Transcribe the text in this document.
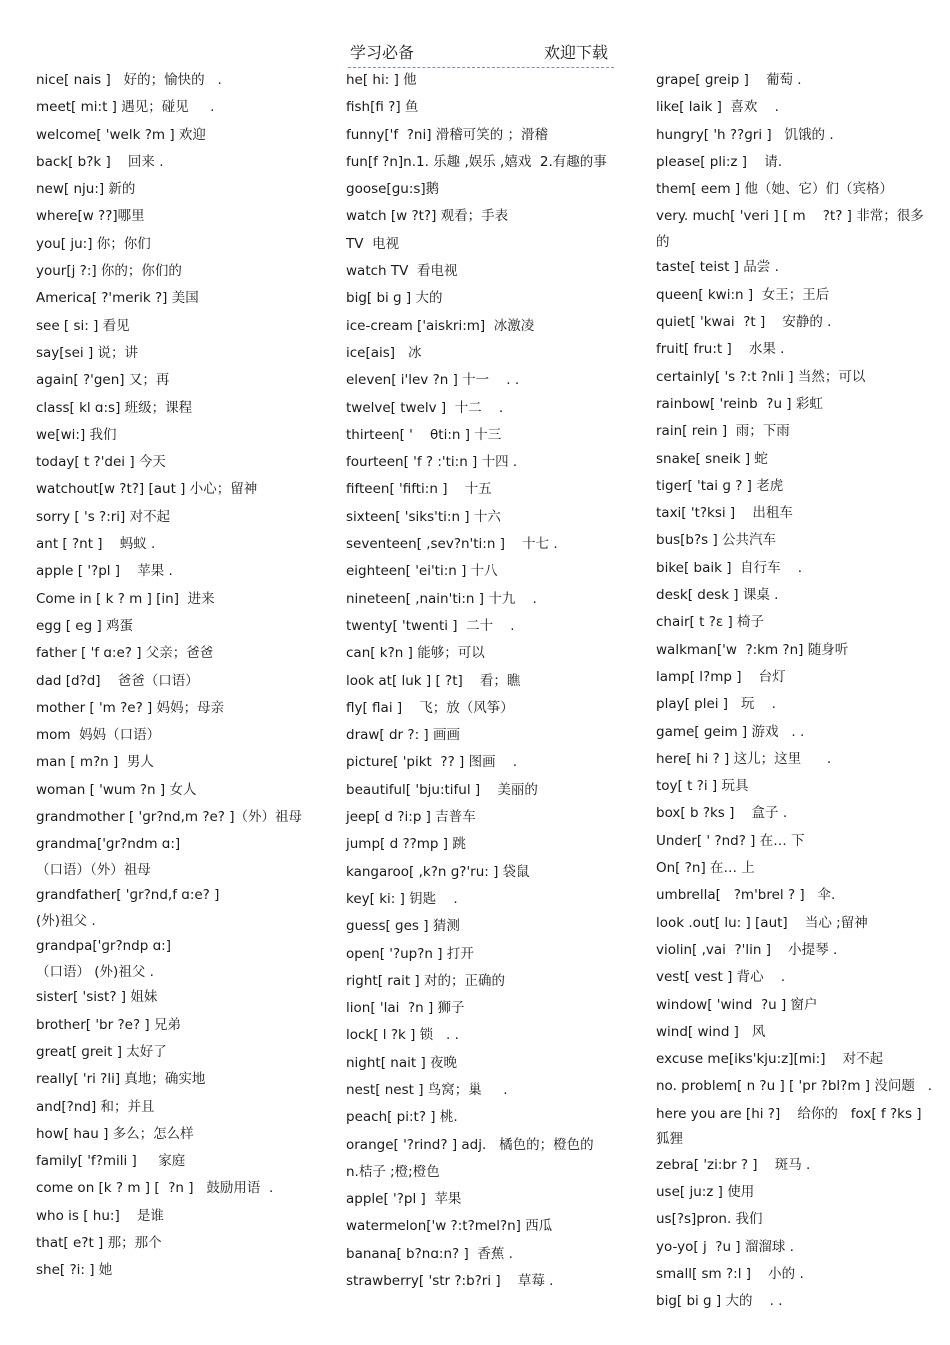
学习必备	欢迎下载
nice[ nais ]   好的；愉快的   .
meet[ mi:t ] 遇见；碰见     .
welcome[ 'welk ?m ] 欢迎
back[ b?k ]    回来 .
new[ nju:] 新的
where[w ??]哪里
you[ ju:] 你；你们
your[j ?:] 你的；你们的
America[ ?'merik ?] 美国
see [ si: ] 看见
say[sei ] 说；讲
again[ ?'gen] 又；再
class[ kl ɑ:s] 班级；课程
we[wi:] 我们
today[ t ?'dei ] 今天
watchout[w ?t?] [aut ] 小心；留神
sorry [ 's ?:ri] 对不起
ant [ ?nt ]    蚂蚁 .
apple [ '?pl ]    苹果 .
Come in [ k ? m ] [in]  进来
egg [ eg ] 鸡蛋
father [ 'f ɑ:e? ] 父亲；爸爸
dad [d?d]    爸爸（口语）
mother [ 'm ?e? ] 妈妈；母亲
mom  妈妈（口语）
man [ m?n ]  男人
woman [ 'wum ?n ] 女人
grandmother [ 'ɡr?nd,m ?e? ]（外）祖母
grandma['ɡr?ndm ɑ:]
（口语）（外）祖母
grandfather[ 'ɡr?nd,f ɑ:e? ]
(外)祖父 .
grandpa['ɡr?ndp ɑ:]
（口语） (外)祖父 .
sister[ 'sist? ] 姐妹
brother[ 'br ?e? ] 兄弟
great[ ɡreit ] 太好了
really[ 'ri ?li] 真地；确实地
and[?nd] 和；并且
how[ hau ] 多么；怎么样
family[ 'f?mili ]     家庭
come on [k ? m ] [  ?n ]   鼓励用语  .
who is [ hu:]    是谁
that[ e?t ] 那；那个
she[ ?i: ] 她
he[ hi: ] 他
fish[fi ?] 鱼
funny['f  ?ni] 滑稽可笑的 ；滑稽
fun[f ?n]n.1. 乐趣 ,娱乐 ,嬉戏  2.有趣的事
goose[ɡu:s]鹅
watch [w ?t?] 观看；手表
TV  电视
watch TV  看电视
big[ bi ɡ ] 大的
ice-cream ['aiskri:m]  冰激凌
ice[ais]   冰
eleven[ i'lev ?n ] 十一    . .
twelve[ twelv ]  十二    .
thirteen[ '    θti:n ] 十三
fourteen[ 'f ? :'ti:n ] 十四 .
fifteen[ 'fifti:n ]    十五
sixteen[ 'siks'ti:n ] 十六
seventeen[ ,sev?n'ti:n ]    十七 .
eighteen[ 'ei'ti:n ] 十八
nineteen[ ,nain'ti:n ] 十九    .
twenty[ 'twenti ]  二十    .
can[ k?n ] 能够；可以
look at[ luk ] [ ?t]    看；瞧
fly[ flai ]    飞；放（风筝）
draw[ dr ?: ] 画画
picture[ 'pikt  ?? ] 图画    .
beautiful[ 'bju:tiful ]    美丽的
jeep[ d ?i:p ] 吉普车
jump[ d ??mp ] 跳
kangaroo[ ,k?n ɡ?'ru: ] 袋鼠
key[ ki: ] 钥匙    .
guess[ ɡes ] 猜测
open[ '?up?n ] 打开
right[ rait ] 对的；正确的
lion[ 'lai  ?n ] 狮子
lock[ l ?k ] 锁   . .
night[ nait ] 夜晚
nest[ nest ] 鸟窝；巢     .
peach[ pi:t? ] 桃.
orange[ '?rind? ] adj.   橘色的；橙色的
n.桔子 ;橙;橙色
apple[ '?pl ]  苹果
watermelon['w ?:t?mel?n] 西瓜
banana[ b?nɑ:n? ]  香蕉 .
strawberry[ 'str ?:b?ri ]    草莓 .
grape[ ɡreip ]    葡萄 .
like[ laik ]  喜欢    .
hungry[ 'h ??ɡri ]   饥饿的 .
please[ pli:z ]    请.
them[ eem ] 他（她、它）们（宾格）
very. much[ 'veri ] [ m    ?t? ] 非常；很多的
taste[ teist ] 品尝 .
queen[ kwi:n ]  女王；王后
quiet[ 'kwai  ?t ]    安静的 .
fruit[ fru:t ]    水果 .
certainly[ 's ?:t ?nli ] 当然；可以
rainbow[ 'reinb  ?u ] 彩虹
rain[ rein ]  雨；下雨
snake[ sneik ] 蛇
tiger[ 'tai ɡ ? ] 老虎
taxi[ 't?ksi ]    出租车
bus[b?s ] 公共汽车
bike[ baik ]  自行车    .
desk[ desk ] 课桌 .
chair[ t ?ɛ ] 椅子
walkman['w  ?:km ?n] 随身听
lamp[ l?mp ]    台灯
play[ plei ]   玩    .
game[ ɡeim ] 游戏   . .
here[ hi ? ] 这儿；这里      .
toy[ t ?i ] 玩具
box[ b ?ks ]    盒子 .
Under[ ' ?nd? ] 在… 下
On[ ?n] 在… 上
umbrella[   ?m'brel ? ]   伞.
look .out[ lu: ] [aut]    当心 ;留神
violin[ ,vai  ?'lin ]    小提琴 .
vest[ vest ] 背心    .
window[ 'wind  ?u ] 窗户
wind[ wind ]   风
excuse me[iks'kju:z][mi:]    对不起
no. problem[ n ?u ] [ 'pr ?bl?m ] 没问题   .
here you are [hi ?]    给你的   fox[ f ?ks ] 狐狸
zebra[ 'zi:br ? ]    斑马 .
use[ ju:z ] 使用
us[?s]pron. 我们
yo-yo[ j  ?u ] 溜溜球 .
small[ sm ?:l ]    小的 .
big[ bi ɡ ] 大的    . .
